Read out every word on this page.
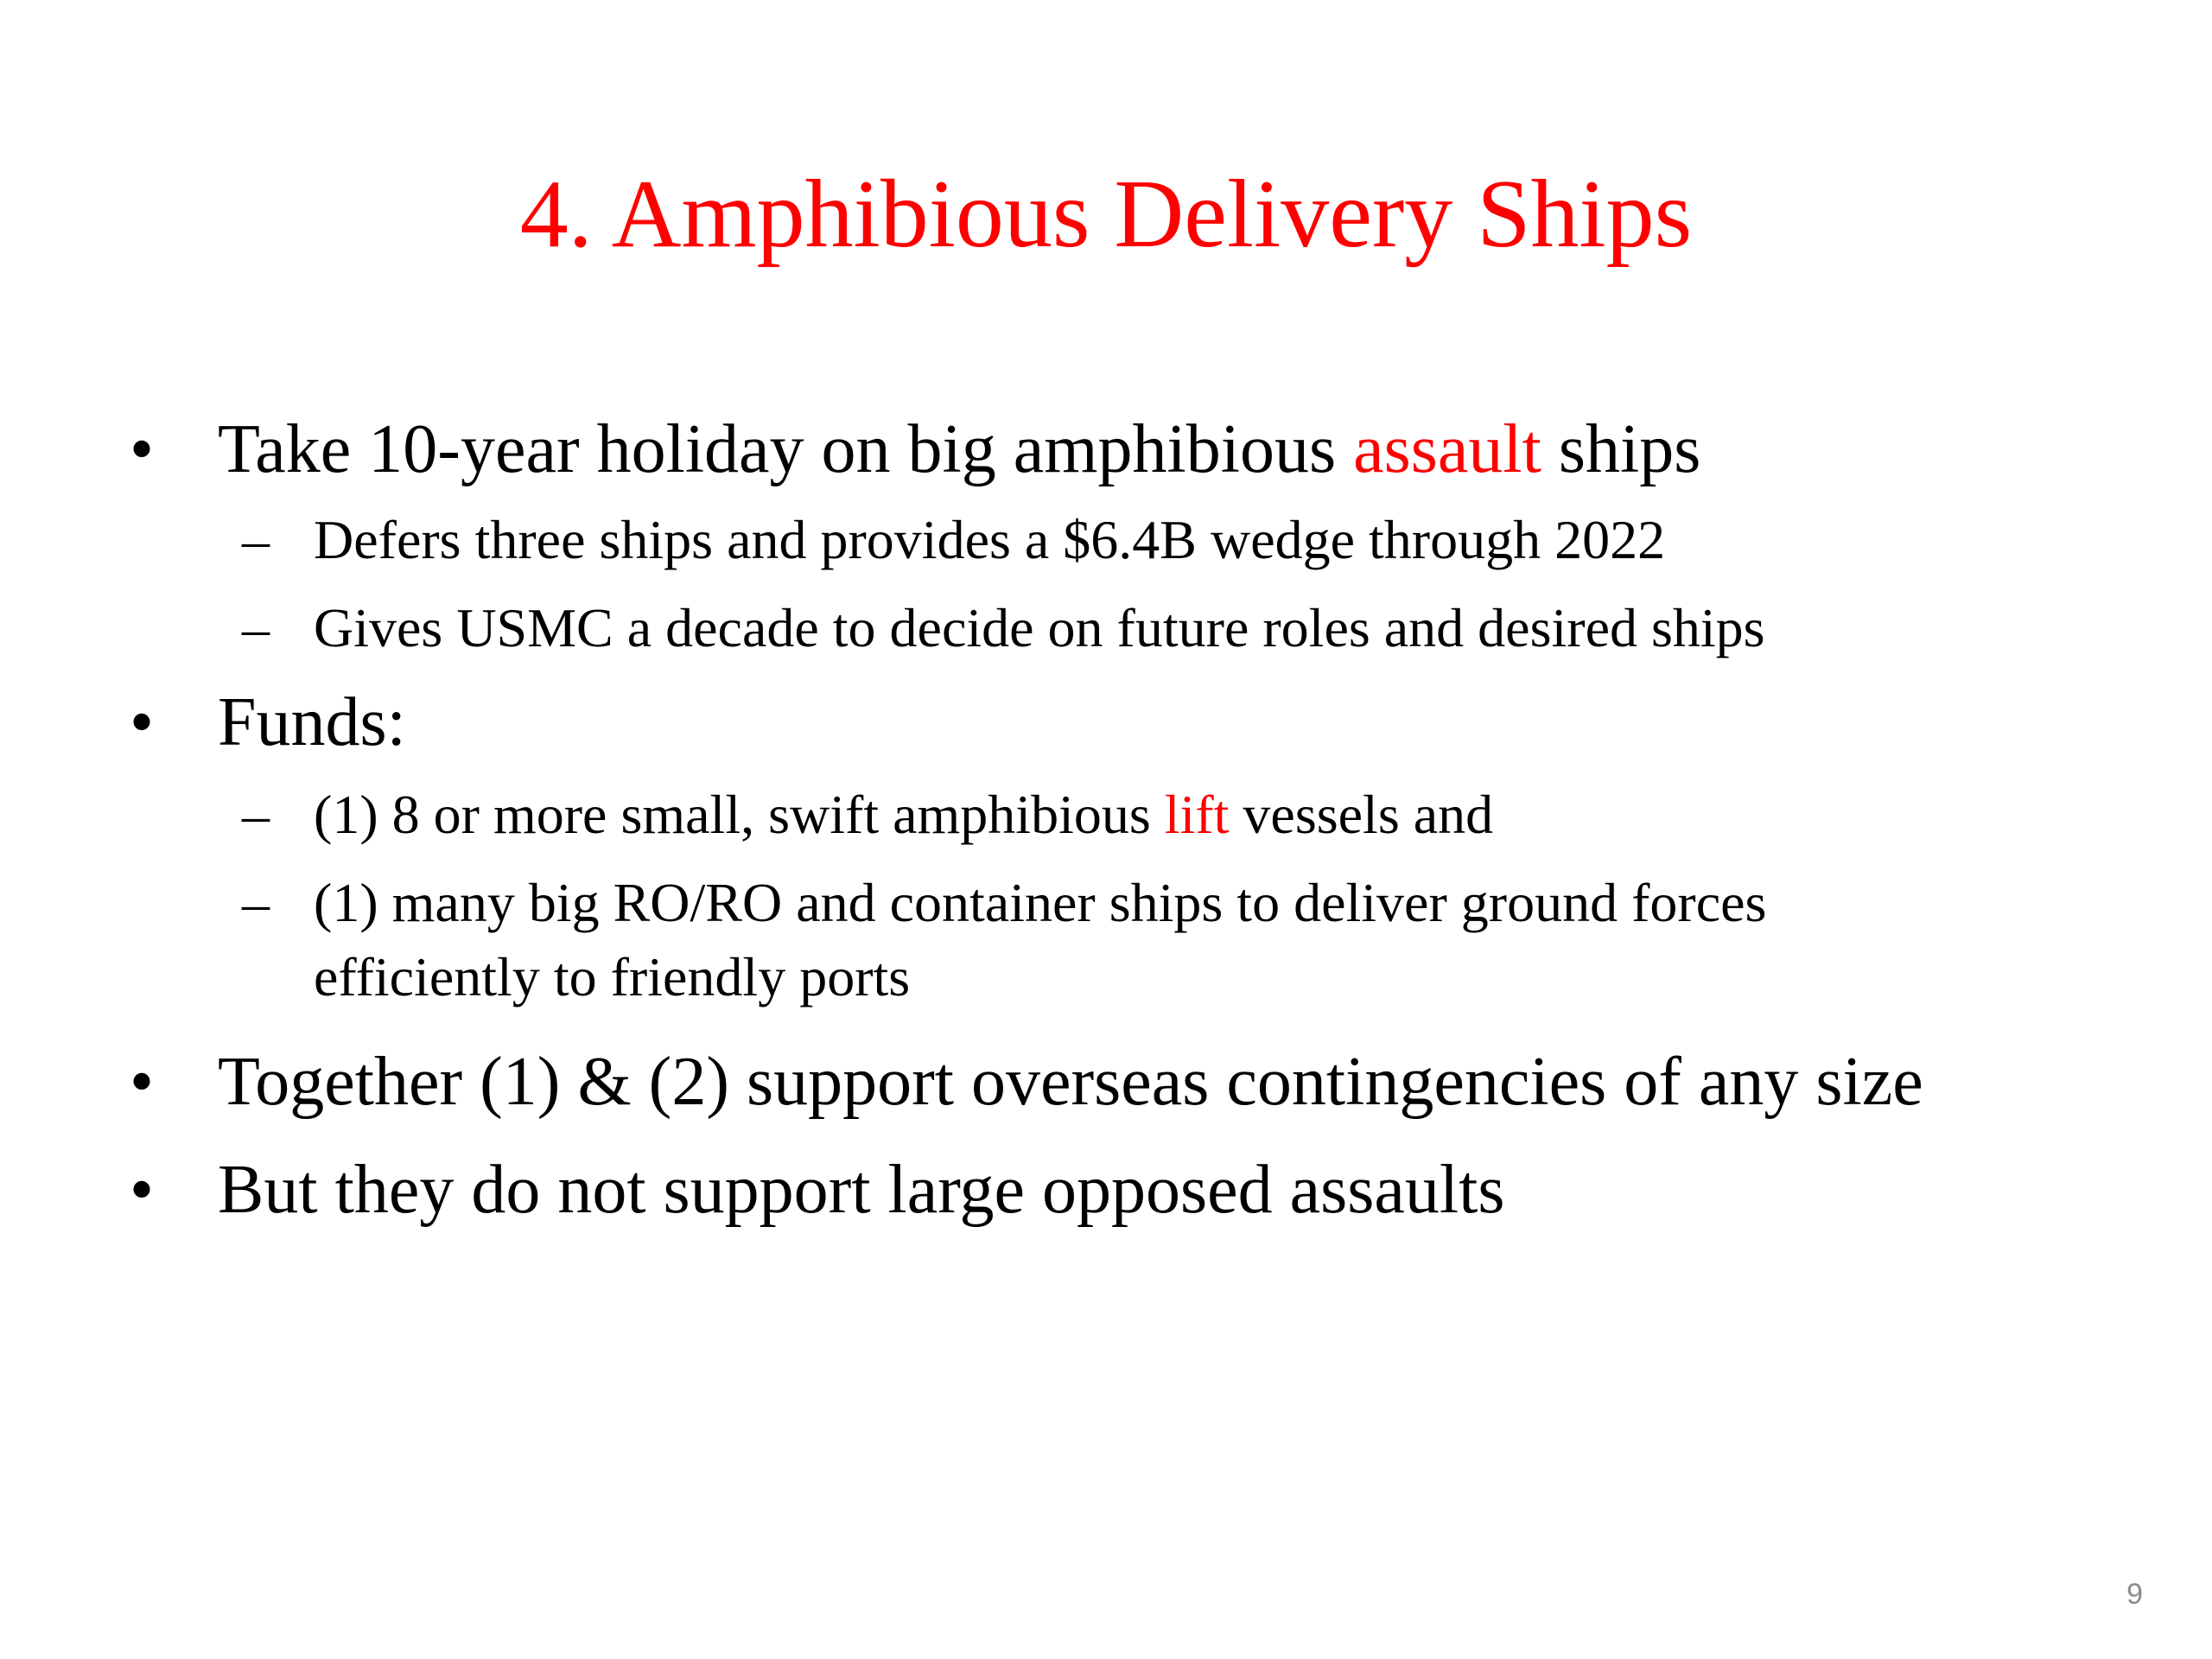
4. Amphibious Delivery Ships
• Take 10-year holiday on big amphibious assault ships
– Defers three ships and provides a $6.4B wedge through 2022
– Gives USMC a decade to decide on future roles and desired ships
• Funds:
– (1) 8 or more small, swift amphibious lift vessels and
– (1) many big RO/RO and container ships to deliver ground forces
efficiently to friendly ports
• Together (1) & (2) support overseas contingencies of any size
• But they do not support large opposed assaults
9
